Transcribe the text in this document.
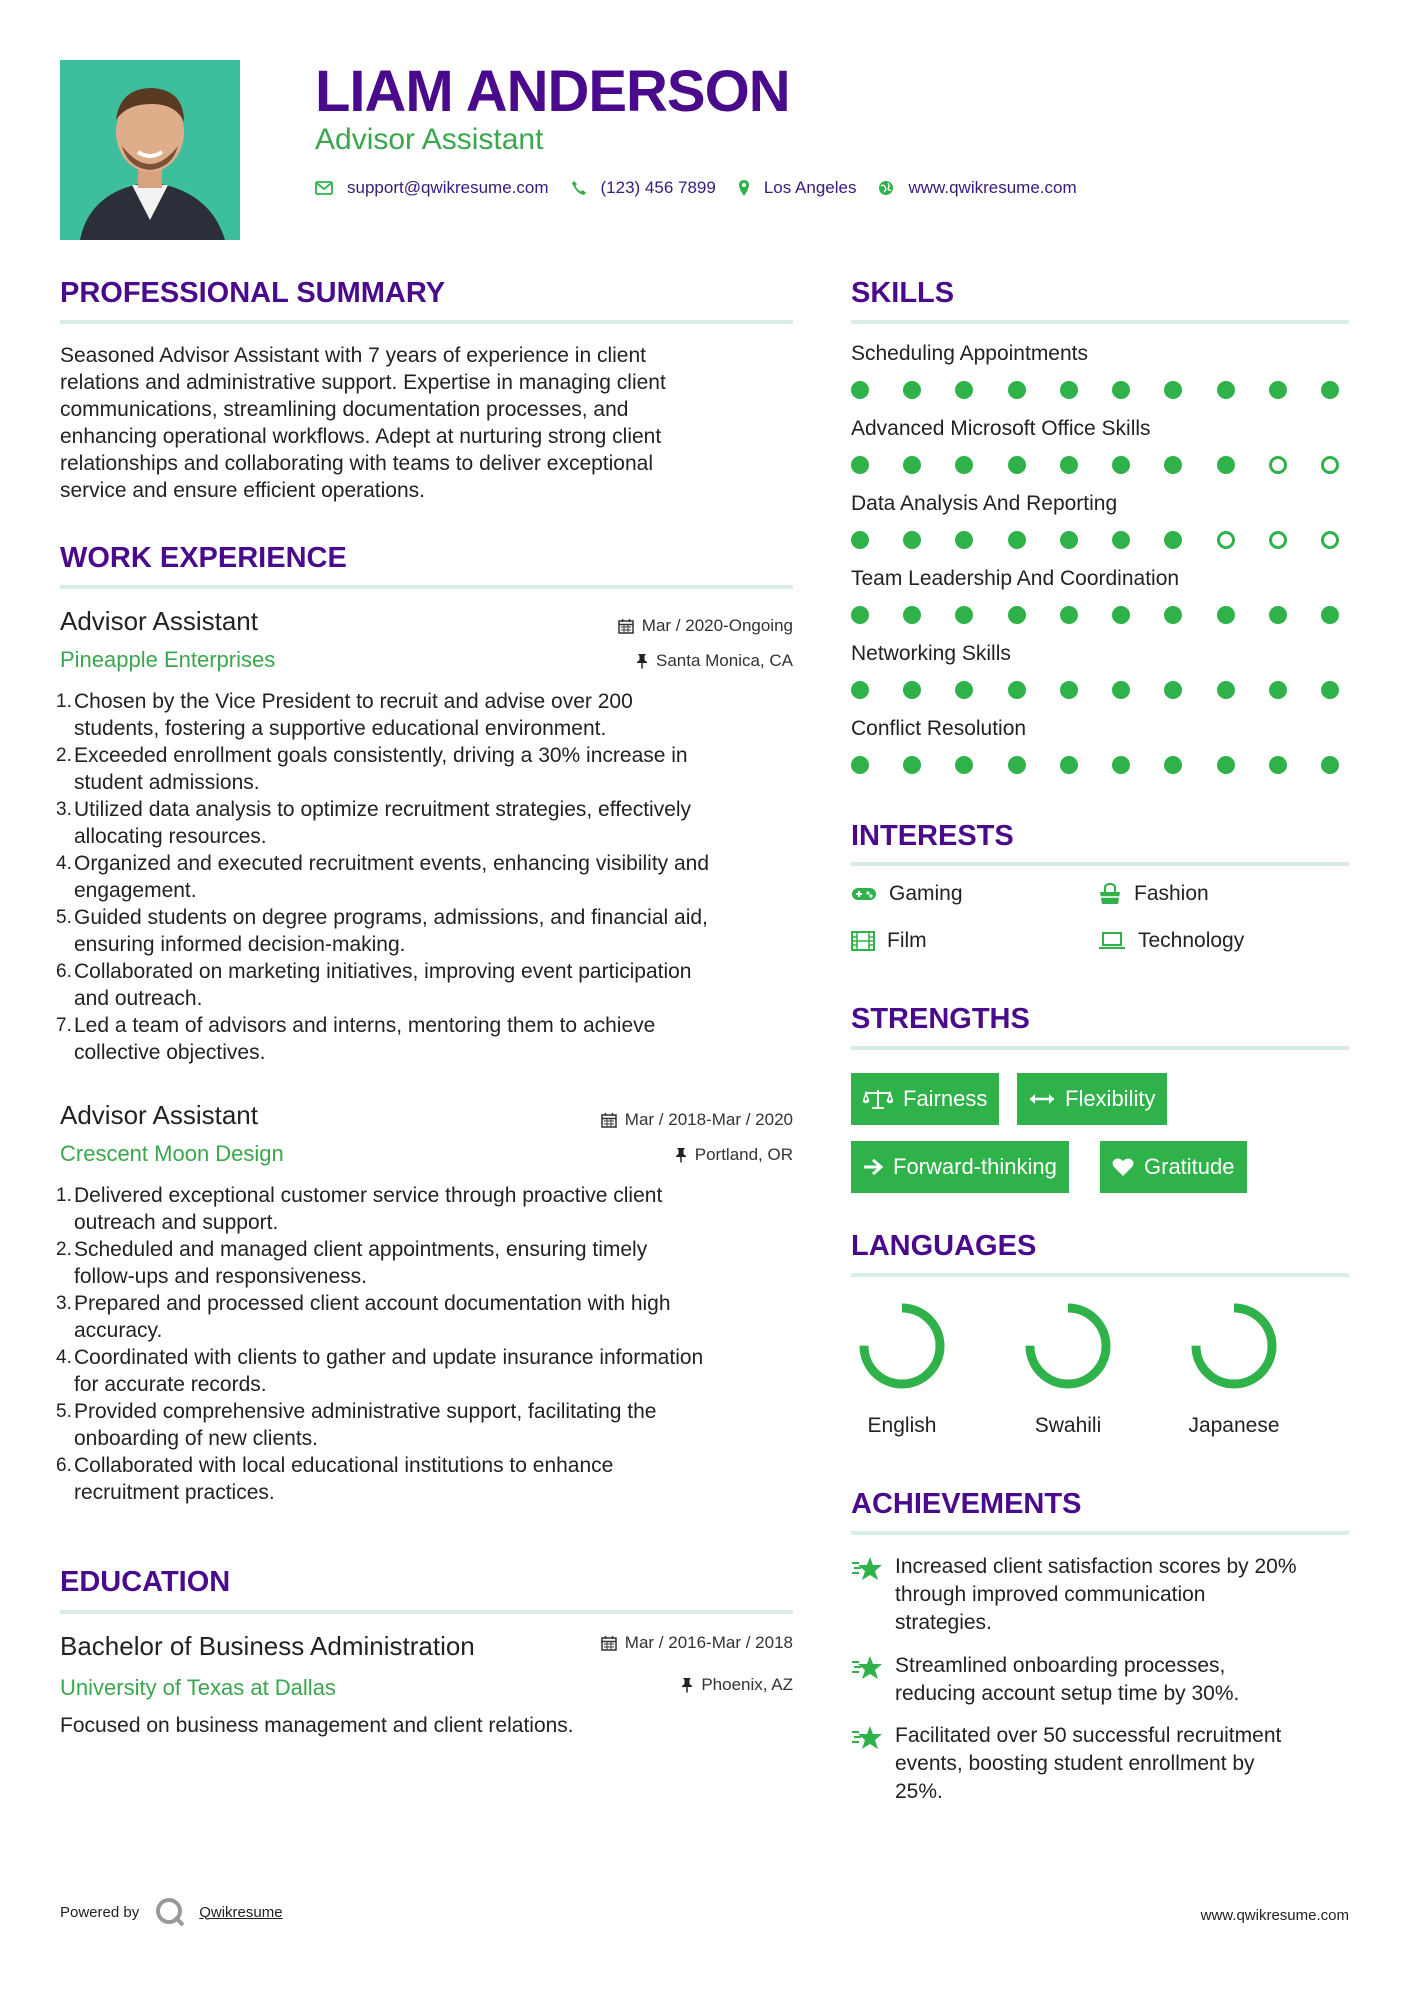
LIAM ANDERSON
Advisor Assistant
support@qwikresume.com	(123) 456 7899	Los Angeles	www.qwikresume.com
PROFESSIONAL SUMMARY
Seasoned Advisor Assistant with 7 years of experience in client
relations and administrative support. Expertise in managing client
communications, streamlining documentation processes, and
enhancing operational workflows. Adept at nurturing strong client
relationships and collaborating with teams to deliver exceptional
service and ensure efficient operations.
WORK EXPERIENCE
Advisor Assistant	Mar / 2020-Ongoing
Pineapple Enterprises	Santa Monica, CA
1. Chosen by the Vice President to recruit and advise over 200
students, fostering a supportive educational environment.
2. Exceeded enrollment goals consistently, driving a 30% increase in
student admissions.
3. Utilized data analysis to optimize recruitment strategies, effectively
allocating resources.
4. Organized and executed recruitment events, enhancing visibility and
engagement.
5. Guided students on degree programs, admissions, and financial aid,
ensuring informed decision-making.
6. Collaborated on marketing initiatives, improving event participation
and outreach.
7. Led a team of advisors and interns, mentoring them to achieve
collective objectives.
Advisor Assistant	Mar / 2018-Mar / 2020
Crescent Moon Design	Portland, OR
1. Delivered exceptional customer service through proactive client
outreach and support.
2. Scheduled and managed client appointments, ensuring timely
follow-ups and responsiveness.
3. Prepared and processed client account documentation with high
accuracy.
4. Coordinated with clients to gather and update insurance information
for accurate records.
5. Provided comprehensive administrative support, facilitating the
onboarding of new clients.
6. Collaborated with local educational institutions to enhance
recruitment practices.
EDUCATION
Bachelor of Business Administration	Mar / 2016-Mar / 2018
University of Texas at Dallas	Phoenix, AZ
Focused on business management and client relations.
SKILLS
Scheduling Appointments
Advanced Microsoft Office Skills
Data Analysis And Reporting
Team Leadership And Coordination
Networking Skills
Conflict Resolution
INTERESTS
Gaming	Fashion
Film	Technology
STRENGTHS
Fairness	Flexibility
Forward-thinking	Gratitude
LANGUAGES
English	Swahili	Japanese
ACHIEVEMENTS
Increased client satisfaction scores by 20%
through improved communication
strategies.
Streamlined onboarding processes,
reducing account setup time by 30%.
Facilitated over 50 successful recruitment
events, boosting student enrollment by
25%.
Powered by	Qwikresume	www.qwikresume.com
